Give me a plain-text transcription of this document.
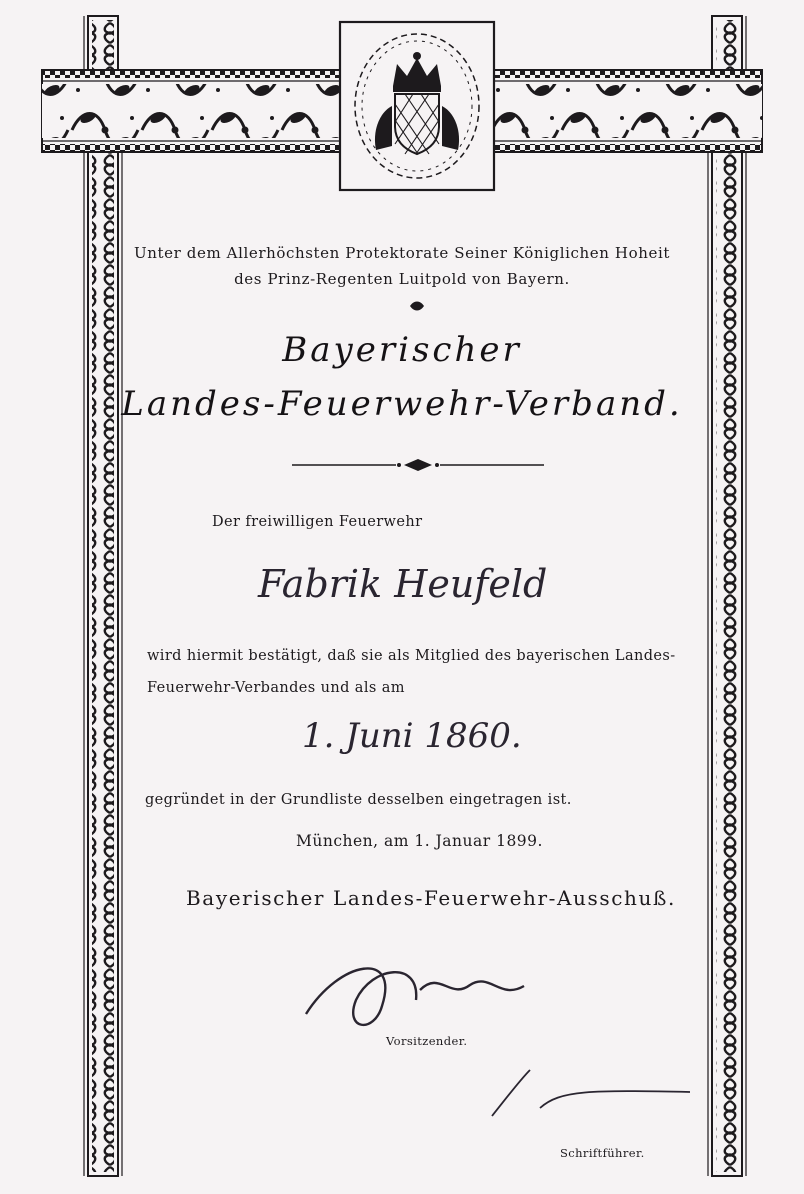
Unter dem Allerhöchsten Protektorate Seiner Königlichen Hoheit
des Prinz-Regenten Luitpold von Bayern.
Bayerischer
Landes-Feuerwehr-Verband.
Der freiwilligen Feuerwehr
Fabrik Heufeld
wird hiermit bestätigt, daß sie als Mitglied des bayerischen Landes-
Feuerwehr-Verbandes und als am
1. Juni 1860.
gegründet in der Grundliste desselben eingetragen ist.
München, am 1. Januar 1899.
Bayerischer Landes-Feuerwehr-Ausschuß.
Vorsitzender.
Schriftführer.
